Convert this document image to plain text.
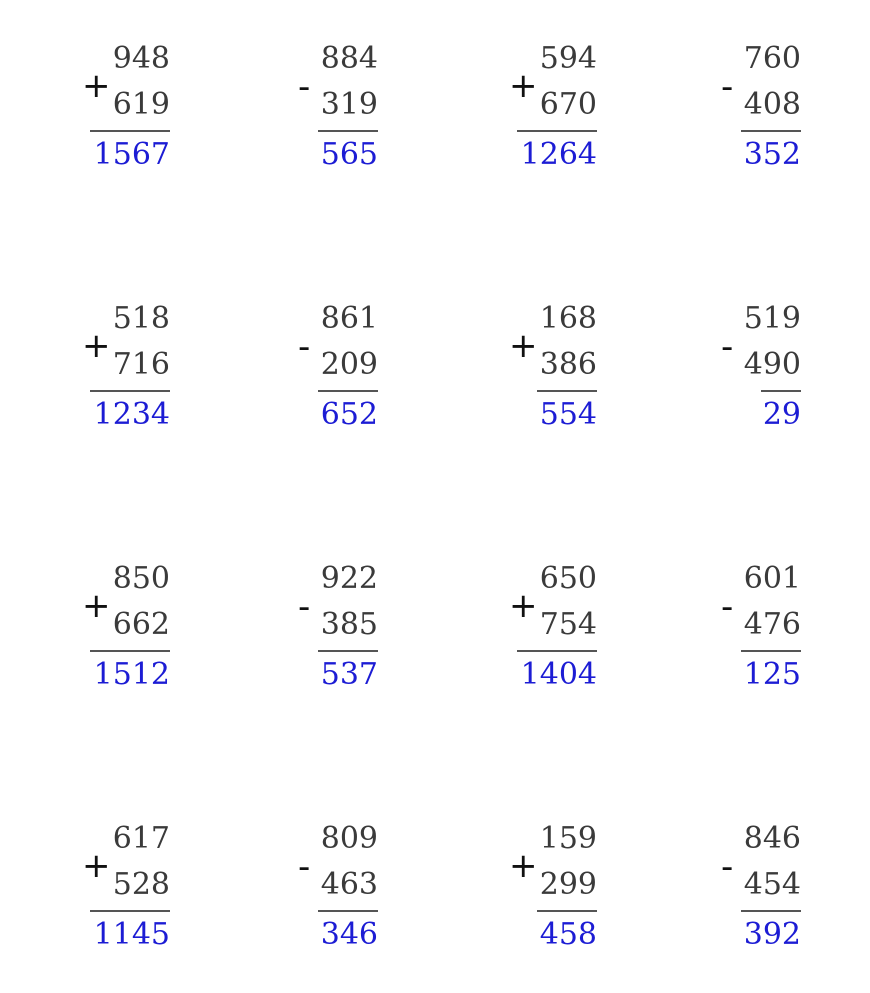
+
948
619
1567
-
884
319
565
+
594
670
1264
-
760
408
352
+
518
716
1234
-
861
209
652
+
168
386
554
-
519
490
29
+
850
662
1512
-
922
385
537
+
650
754
1404
-
601
476
125
+
617
528
1145
-
809
463
346
+
159
299
458
-
846
454
392
